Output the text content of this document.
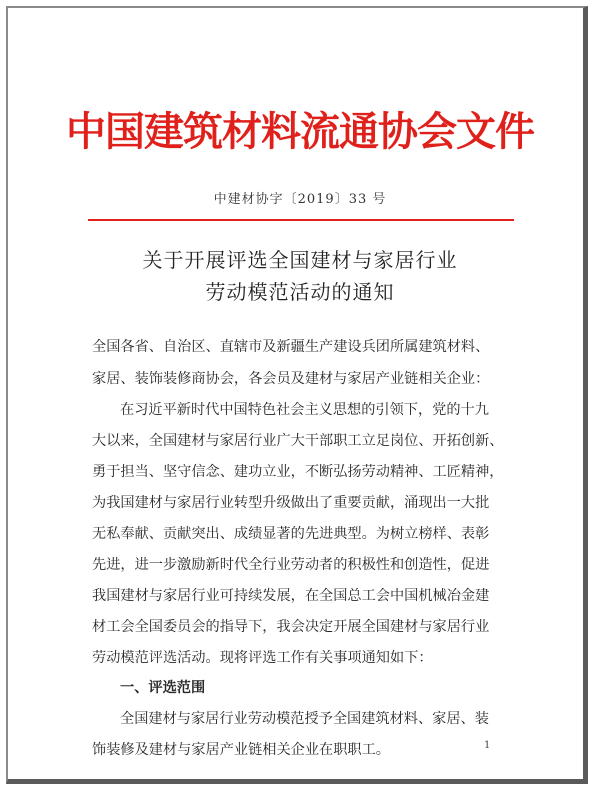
中国建筑材料流通协会文件
中建材协字〔2019〕33 号
关于开展评选全国建材与家居行业
劳动模范活动的通知
全国各省、自治区、直辖市及新疆生产建设兵团所属建筑材料、
家居、装饰装修商协会，各会员及建材与家居产业链相关企业：
在习近平新时代中国特色社会主义思想的引领下，党的十九
大以来，全国建材与家居行业广大干部职工立足岗位、开拓创新、
勇于担当、坚守信念、建功立业，不断弘扬劳动精神、工匠精神，
为我国建材与家居行业转型升级做出了重要贡献，涌现出一大批
无私奉献、贡献突出、成绩显著的先进典型。为树立榜样、表彰
先进，进一步激励新时代全行业劳动者的积极性和创造性，促进
我国建材与家居行业可持续发展，在全国总工会中国机械冶金建
材工会全国委员会的指导下，我会决定开展全国建材与家居行业
劳动模范评选活动。现将评选工作有关事项通知如下：
一、评选范围
全国建材与家居行业劳动模范授予全国建筑材料、家居、装
饰装修及建材与家居产业链相关企业在职职工。	1
